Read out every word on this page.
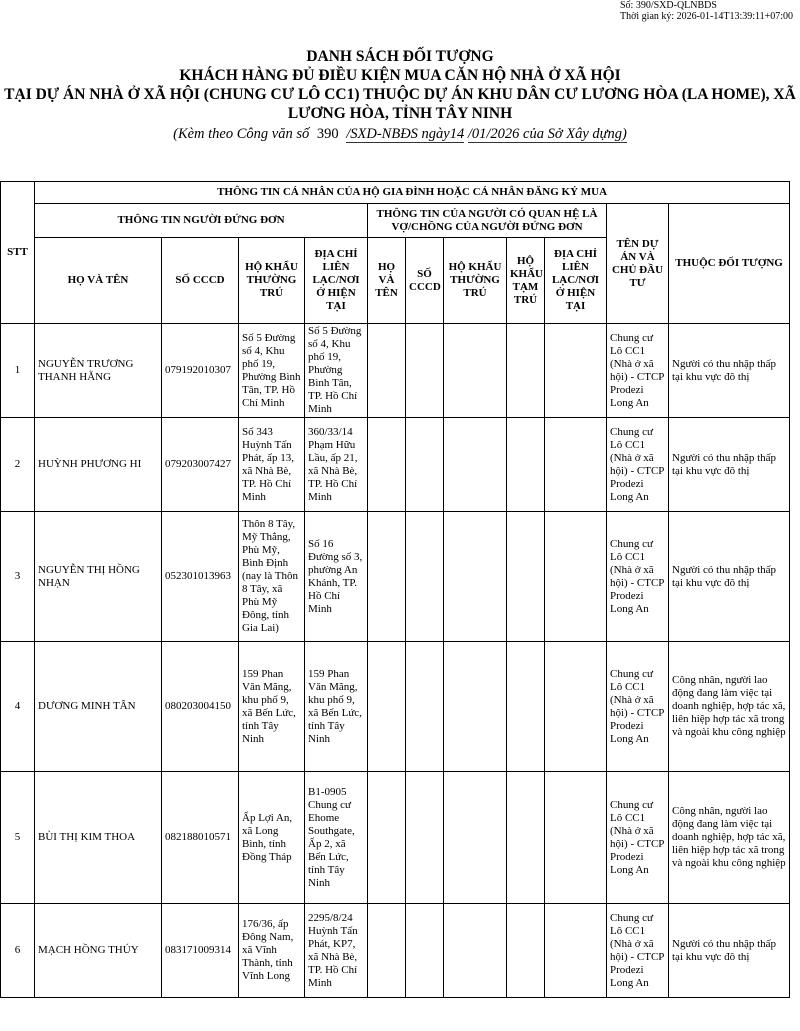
Số: 390/SXD-QLNBDS
Thời gian ký: 2026-01-14T13:39:11+07:00

DANH SÁCH ĐỐI TƯỢNG

KHÁCH HÀNG ĐỦ ĐIỀU KIỆN MUA CĂN HỘ NHÀ Ở XÃ HỘI

TẠI DỰ ÁN NHÀ Ở XÃ HỘI (CHUNG CƯ LÔ CC1) THUỘC DỰ ÁN KHU DÂN CƯ LƯƠNG HÒA (LA HOME), XÃ

LƯƠNG HÒA, TỈNH TÂY NINH

(Kèm theo Công văn số 390 /SXD-NBĐS ngày14 /01/2026 của Sở Xây dựng)
STT	THÔNG TIN CÁ NHÂN CỦA HỘ GIA ĐÌNH HOẶC CÁ NHÂN ĐĂNG KÝ MUA										
	THÔNG TIN NGƯỜI ĐỨNG ĐƠN				THÔNG TIN CỦA NGƯỜI CÓ QUAN HỆ LÀ VỢ/CHỒNG CỦA NGƯỜI ĐỨNG ĐƠN					TÊN DỰ ÁN VÀ CHỦ ĐẦU TƯ	THUỘC ĐỐI TƯỢNG
	HỌ VÀ TÊN	SỐ CCCD	HỘ KHẨU THƯỜNG TRÚ	ĐỊA CHỈ LIÊN LẠC/NƠI Ở HIỆN TẠI	HỌ VÀ TÊN	SỐ CCCD	HỘ KHẨU THƯỜNG TRÚ	HỘ KHẨU TẠM TRÚ	ĐỊA CHỈ LIÊN LẠC/NƠI Ở HIỆN TẠI		
1	NGUYỄN TRƯƠNG THANH HẰNG	079192010307	Số 5 Đường số 4, Khu phố 19, Phường Bình Tân, TP. Hồ Chí Minh	Số 5 Đường số 4, Khu phố 19, Phường Bình Tân, TP. Hồ Chí Minh						Chung cư Lô CC1 (Nhà ở xã hội) - CTCP Prodezi Long An	Người có thu nhập thấp tại khu vực đô thị
2	HUỲNH PHƯƠNG HI	079203007427	Số 343 Huỳnh Tấn Phát, ấp 13, xã Nhà Bè, TP. Hồ Chí Minh	360/33/14 Phạm Hữu Lầu, ấp 21, xã Nhà Bè, TP. Hồ Chí Minh						Chung cư Lô CC1 (Nhà ở xã hội) - CTCP Prodezi Long An	Người có thu nhập thấp tại khu vực đô thị
3	NGUYỄN THỊ HỒNG NHẠN	052301013963	Thôn 8 Tây, Mỹ Thắng, Phù Mỹ, Bình Định (nay là Thôn 8 Tây, xã Phù Mỹ Đông, tỉnh Gia Lai)	Số 16 Đường số 3, phường An Khánh, TP. Hồ Chí Minh						Chung cư Lô CC1 (Nhà ở xã hội) - CTCP Prodezi Long An	Người có thu nhập thấp tại khu vực đô thị
4	DƯƠNG MINH TÂN	080203004150	159 Phan Văn Mãng, khu phố 9, xã Bến Lức, tỉnh Tây Ninh	159 Phan Văn Mãng, khu phố 9, xã Bến Lức, tỉnh Tây Ninh						Chung cư Lô CC1 (Nhà ở xã hội) - CTCP Prodezi Long An	Công nhân, người lao động đang làm việc tại doanh nghiệp, hợp tác xã, liên hiệp hợp tác xã trong và ngoài khu công nghiệp
5	BÙI THỊ KIM THOA	082188010571	Ấp Lợi An, xã Long Bình, tỉnh Đồng Tháp	B1-0905 Chung cư Ehome Southgate, Ấp 2, xã Bến Lức, tỉnh Tây Ninh						Chung cư Lô CC1 (Nhà ở xã hội) - CTCP Prodezi Long An	Công nhân, người lao động đang làm việc tại doanh nghiệp, hợp tác xã, liên hiệp hợp tác xã trong và ngoài khu công nghiệp
6	MẠCH HỒNG THÚY	083171009314	176/36, ấp Đông Nam, xã Vĩnh Thành, tỉnh Vĩnh Long	2295/8/24 Huỳnh Tấn Phát, KP7, xã Nhà Bè, TP. Hồ Chí Minh						Chung cư Lô CC1 (Nhà ở xã hội) - CTCP Prodezi Long An	Người có thu nhập thấp tại khu vực đô thị
